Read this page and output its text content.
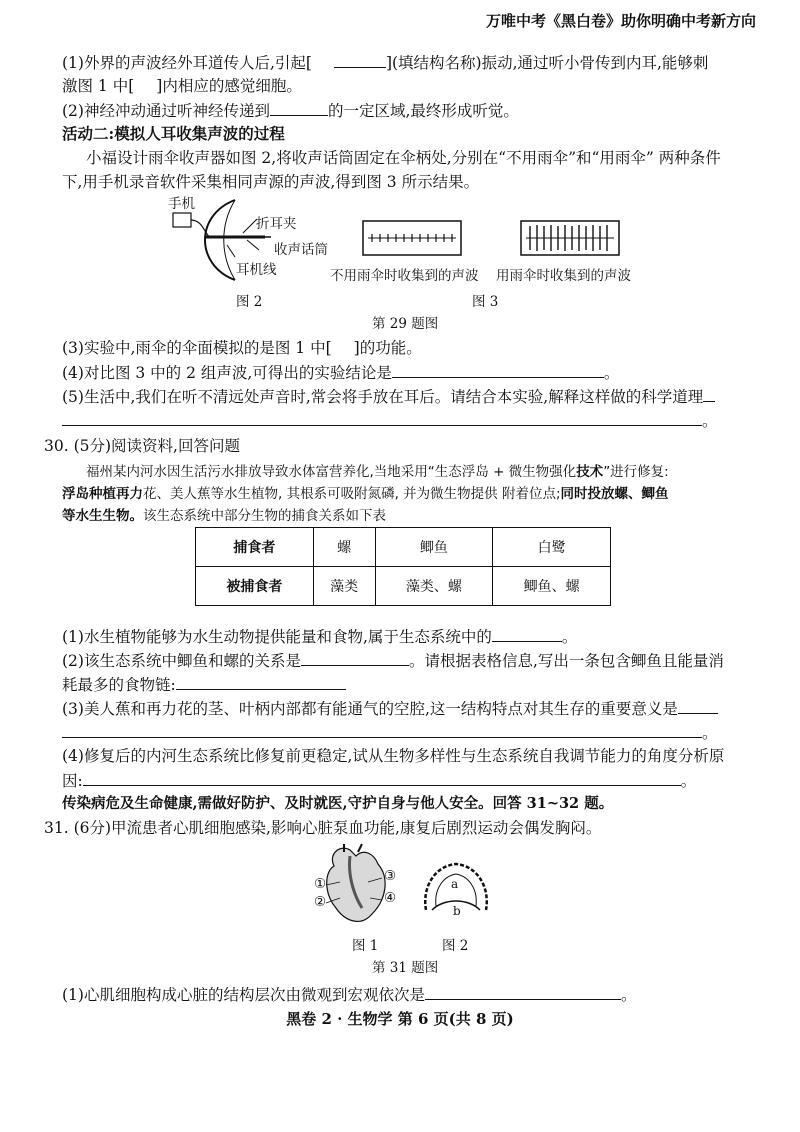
万唯中考《黑白卷》助你明确中考新方向
(1)外界的声波经外耳道传人后,引起[	](填结构名称)振动,通过听小骨传到内耳,能够刺
激图 1 中[ ]内相应的感觉细胞。
(2)神经冲动通过听神经传递到	的一定区域,最终形成听觉。
活动二:模拟人耳收集声波的过程
小福设计雨伞收声器如图 2,将收声话筒固定在伞柄处,分别在“不用雨伞”和“用雨伞” 两种条件
下,用手机录音软件采集相同声源的声波,得到图 3 所示结果。
手机
折耳夹
收声话筒
耳机线
图 2
不用雨伞时收集到的声波 用雨伞时收集到的声波
图 3
第 29 题图
(3)实验中,雨伞的伞面模拟的是图 1 中[ ]的功能。
(4)对比图 3 中的 2 组声波,可得出的实验结论是	。
(5)生活中,我们在听不清远处声音时,常会将手放在耳后。请结合本实验,解释这样做的科学道理
。
30. (5分)阅读资料,回答问题
福州某内河水因生活污水排放导致水体富营养化,当地采用“生态浮岛 + 微生物强化技术”进行修复:
浮岛种植再力花、美人蕉等水生植物, 其根系可吸附氮磷, 并为微生物提供 附着位点;同时投放螺、鲫鱼
等水生生物。该生态系统中部分生物的捕食关系如下表
捕食者	螺	鲫鱼	白鹭
被捕食者	藻类	藻类、螺	鲫鱼、螺
(1)水生植物能够为水生动物提供能量和食物,属于生态系统中的	。
(2)该生态系统中鲫鱼和螺的关系是	。请根据表格信息,写出一条包含鲫鱼且能量消
耗最多的食物链:
(3)美人蕉和再力花的茎、叶柄内部都有能通气的空腔,这一结构特点对其生存的重要意义是
。
(4)修复后的内河生态系统比修复前更稳定,试从生物多样性与生态系统自我调节能力的角度分析原
因:	。
传染病危及生命健康,需做好防护、及时就医,守护自身与他人安全。回答 31~32 题。
31. (6分)甲流患者心肌细胞感染,影响心脏泵血功能,康复后剧烈运动会偶发胸闷。
①
②
③
④
a
b
图 1	图 2
第 31 题图
(1)心肌细胞构成心脏的结构层次由微观到宏观依次是	。
黑卷 2 · 生物学 第 6 页(共 8 页)
